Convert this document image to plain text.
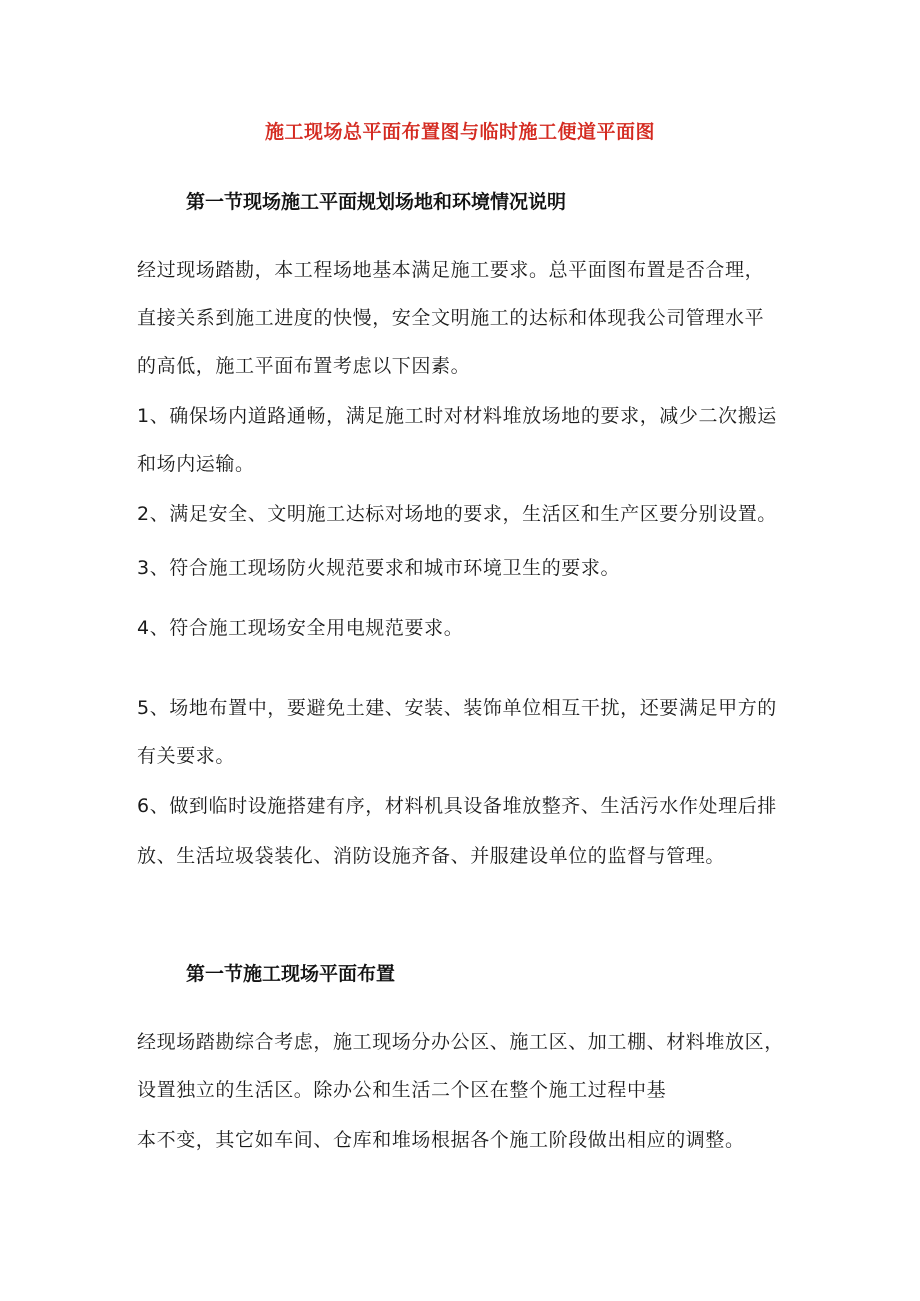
施工现场总平面布置图与临时施工便道平面图
第一节现场施工平面规划场地和环境情况说明
经过现场踏勘，本工程场地基本满足施工要求。总平面图布置是否合理，
直接关系到施工进度的快慢，安全文明施工的达标和体现我公司管理水平
的高低，施工平面布置考虑以下因素。
1、确保场内道路通畅，满足施工时对材料堆放场地的要求，减少二次搬运
和场内运输。
2、满足安全、文明施工达标对场地的要求，生活区和生产区要分别设置。
3、符合施工现场防火规范要求和城市环境卫生的要求。
4、符合施工现场安全用电规范要求。
5、场地布置中，要避免土建、安装、装饰单位相互干扰，还要满足甲方的
有关要求。
6、做到临时设施搭建有序，材料机具设备堆放整齐、生活污水作处理后排
放、生活垃圾袋装化、消防设施齐备、并服建设单位的监督与管理。
第一节施工现场平面布置
经现场踏勘综合考虑，施工现场分办公区、施工区、加工棚、材料堆放区，
设置独立的生活区。除办公和生活二个区在整个施工过程中基
本不变，其它如车间、仓库和堆场根据各个施工阶段做出相应的调整。
